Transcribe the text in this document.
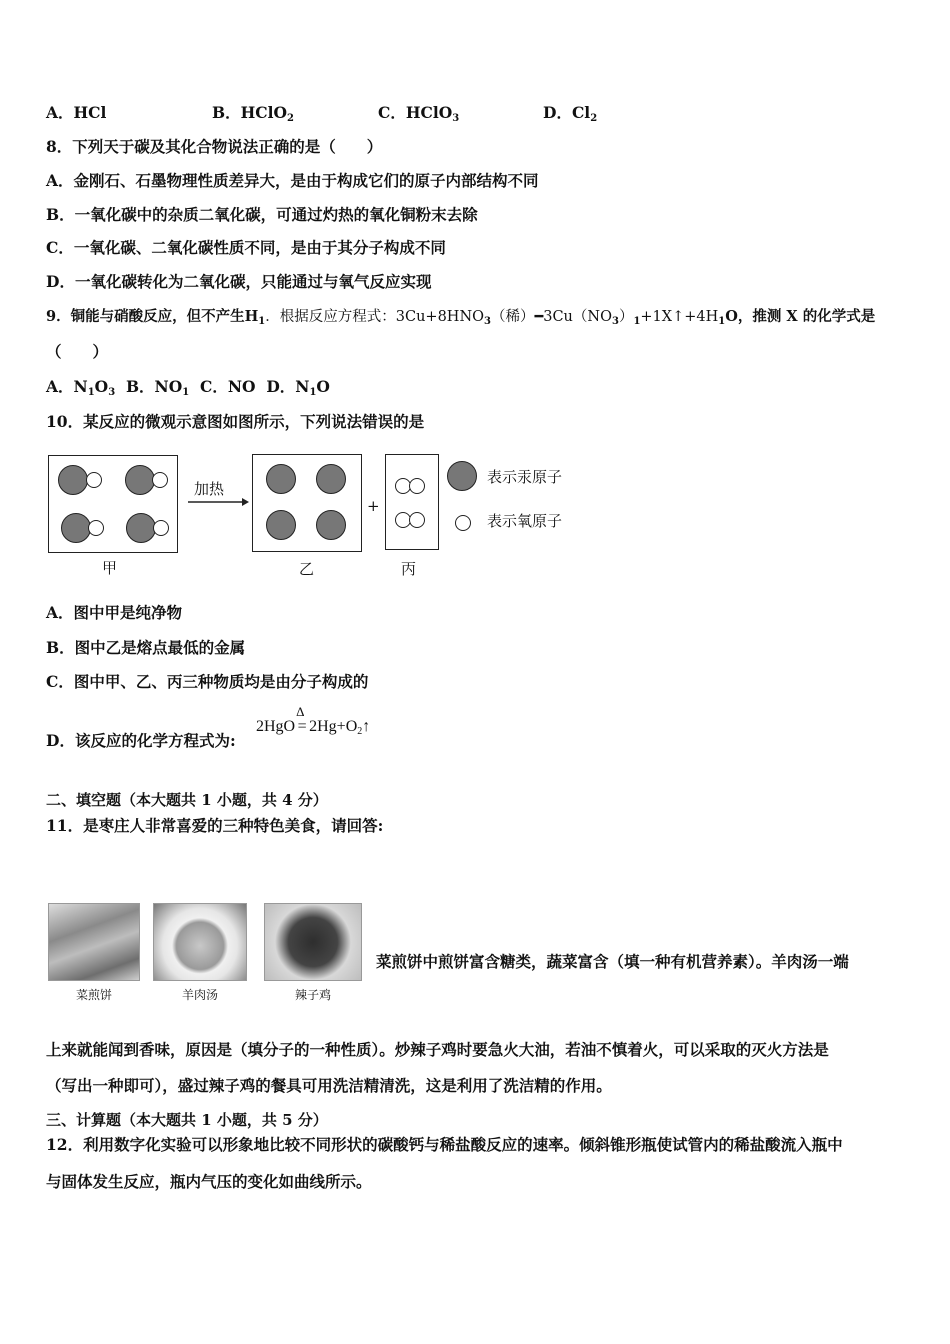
A．HCl	B．HClO$_2$	C．HClO$_3$	D．$Cl_2$
8．下列天于碳及其化合物说法正确的是（　　）
A．金刚石、石墨物理性质差异大，是由于构成它们的原子内部结构不同
B．一氧化碳中的杂质二氧化碳，可通过灼热的氧化铜粉末去除
C．一氧化碳、二氧化碳性质不同，是由于其分子构成不同
D．一氧化碳转化为二氧化碳，只能通过与氧气反应实现
9．铜能与硝酸反应，但不产生$H_1$．根据反应方程式：$3Cu+8HNO_3$（稀）$━3Cu(NO_3)_1+1X↑+4H_1O$，推测 X 的化学式是
（　　）
A．$N_1O_3$ B．$NO_1$ C．NO D．$N_1O$
10．某反应的微观示意图如图所示，下列说法错误的是
甲
加热
乙
+
丙
表示汞原子
表示氧原子
A．图中甲是纯净物
B．图中乙是熔点最低的金属
C．图中甲、乙、丙三种物质均是由分子构成的
D．该反应的化学方程式为:
2HgO
Δ
= $2Hg+O_2↑$
二、填空题（本大题共 1 小题，共 4 分）
11．是枣庄人非常喜爱的三种特色美食，请回答:
菜煎饼	羊肉汤	辣子鸡
菜煎饼中煎饼富含糖类，蔬菜富含（填一种有机营养素）。羊肉汤一端
上来就能闻到香味，原因是（填分子的一种性质）。炒辣子鸡时要急火大油，若油不慎着火，可以采取的灭火方法是
（写出一种即可），盛过辣子鸡的餐具可用洗洁精清洗，这是利用了洗洁精的作用。
三、计算题（本大题共 1 小题，共 5 分）
12．利用数字化实验可以形象地比较不同形状的碳酸钙与稀盐酸反应的速率。倾斜锥形瓶使试管内的稀盐酸流入瓶中
与固体发生反应，瓶内气压的变化如曲线所示。
